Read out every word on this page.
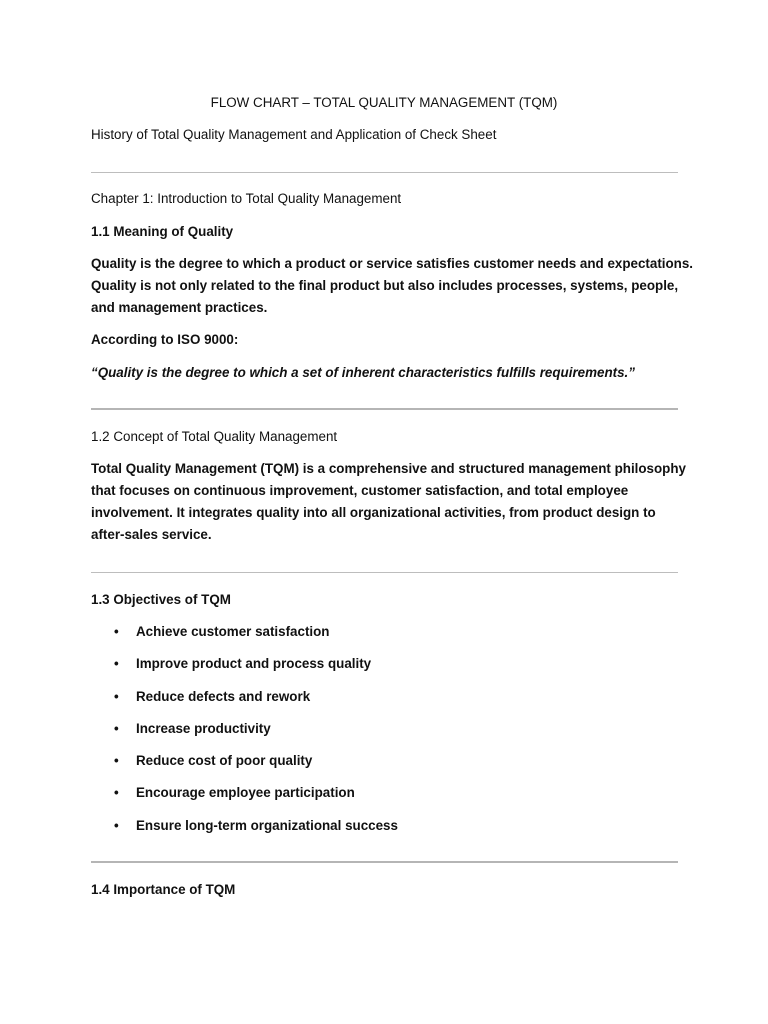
FLOW CHART – TOTAL QUALITY MANAGEMENT (TQM)
History of Total Quality Management and Application of Check Sheet
Chapter 1: Introduction to Total Quality Management
1.1 Meaning of Quality
Quality is the degree to which a product or service satisfies customer needs and expectations.
Quality is not only related to the final product but also includes processes, systems, people,
and management practices.
According to ISO 9000:
“Quality is the degree to which a set of inherent characteristics fulfills requirements.”
1.2 Concept of Total Quality Management
Total Quality Management (TQM) is a comprehensive and structured management philosophy
that focuses on continuous improvement, customer satisfaction, and total employee
involvement. It integrates quality into all organizational activities, from product design to
after-sales service.
1.3 Objectives of TQM
• Achieve customer satisfaction
• Improve product and process quality
• Reduce defects and rework
• Increase productivity
• Reduce cost of poor quality
• Encourage employee participation
• Ensure long-term organizational success
1.4 Importance of TQM
